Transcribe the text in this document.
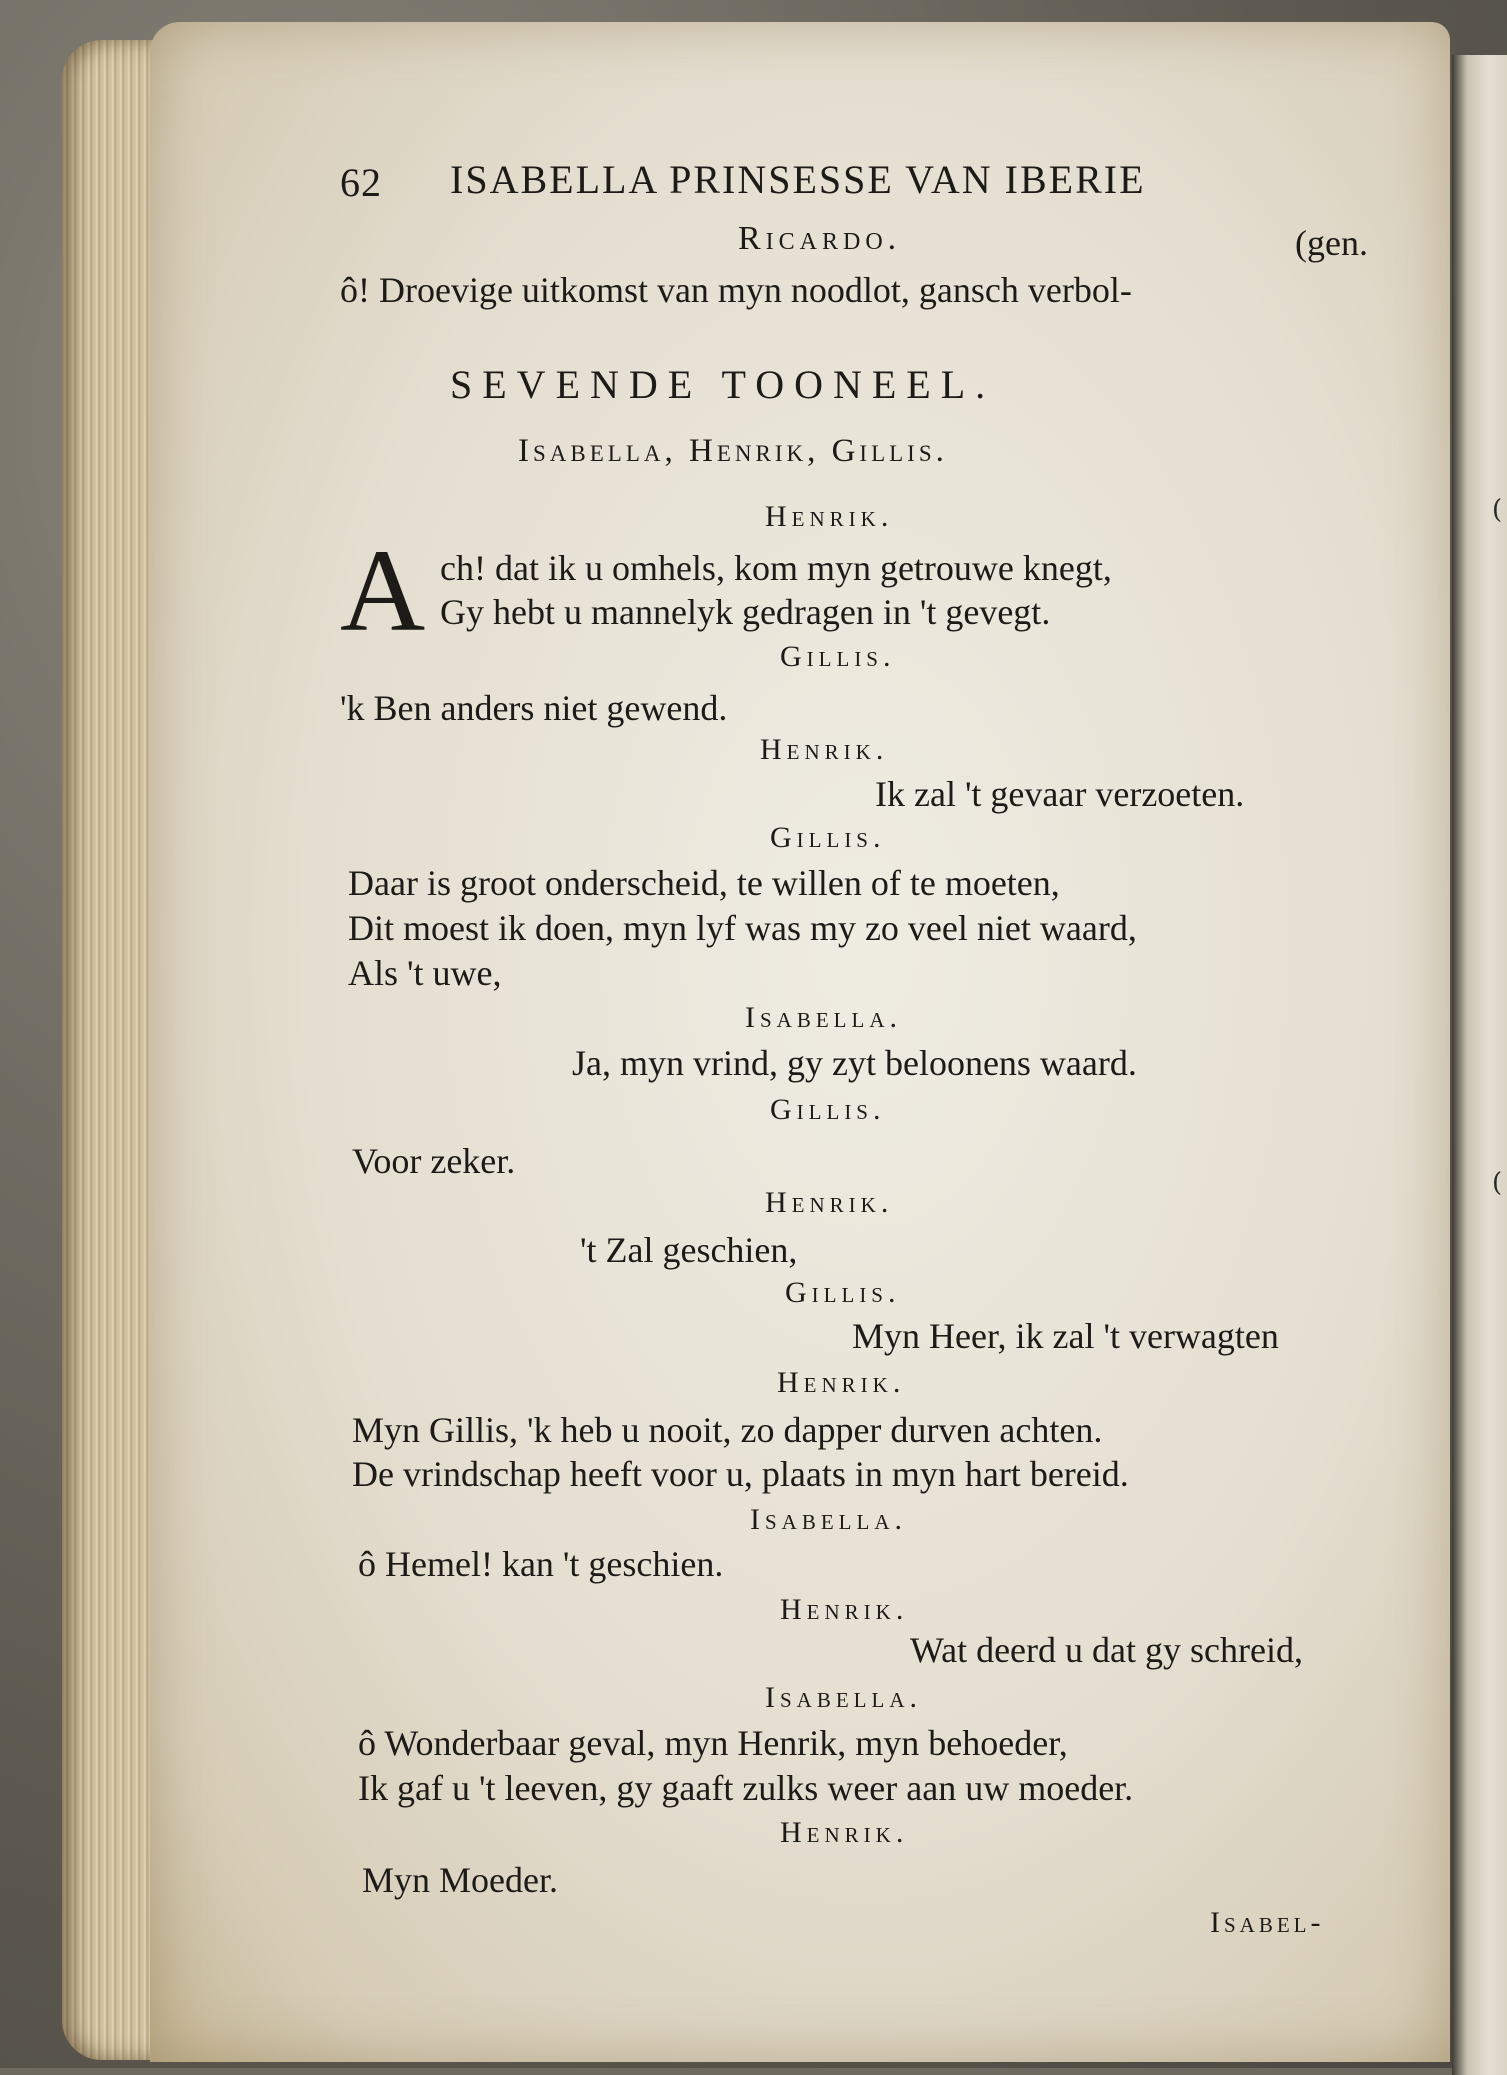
(
(
A
62 ISABELLA PRINSESSE VAN IBERIE
Ricardo.	(gen.
ô! Droevige uitkomst van myn noodlot, gansch verbol-
SEVENDE TOONEEL.
Isabella, Henrik, Gillis.
Henrik.
ch! dat ik u omhels, kom myn getrouwe knegt,
Gy hebt u mannelyk gedragen in 't gevegt.
Gillis.
'k Ben anders niet gewend.
Henrik.
Ik zal 't gevaar verzoeten.
Gillis.
Daar is groot onderscheid, te willen of te moeten,
Dit moest ik doen, myn lyf was my zo veel niet waard,
Als 't uwe,
Isabella.
Ja, myn vrind, gy zyt beloonens waard.
Gillis.
Voor zeker.
Henrik.
't Zal geschien,
Gillis.
Myn Heer, ik zal 't verwagten
Henrik.
Myn Gillis, 'k heb u nooit, zo dapper durven achten.
De vrindschap heeft voor u, plaats in myn hart bereid.
Isabella.
ô Hemel! kan 't geschien.
Henrik.
Wat deerd u dat gy schreid,
Isabella.
ô Wonderbaar geval, myn Henrik, myn behoeder,
Ik gaf u 't leeven, gy gaaft zulks weer aan uw moeder.
Henrik.
Myn Moeder.
Isabel-
